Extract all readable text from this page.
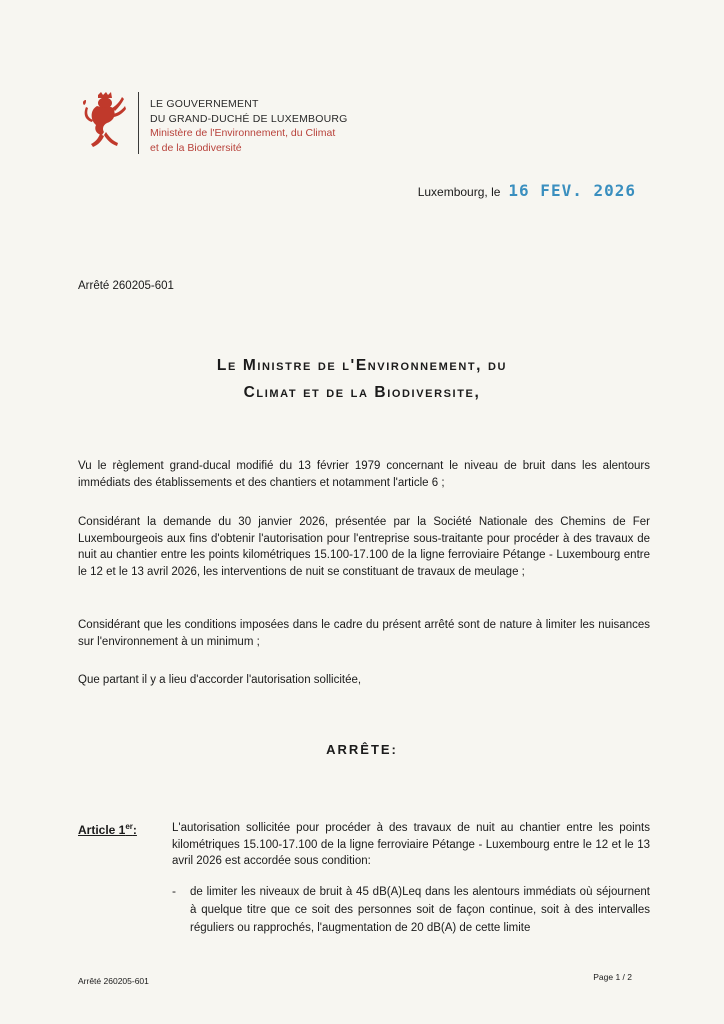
LE GOUVERNEMENT
DU GRAND-DUCHÉ DE LUXEMBOURG
Ministère de l'Environnement, du Climat
et de la Biodiversité
Luxembourg, le 16 FEV. 2026
Arrêté 260205-601
Le Ministre de l'Environnement, du
Climat et de la Biodiversite,
Vu le règlement grand-ducal modifié du 13 février 1979 concernant le niveau de bruit dans les alentours immédiats des établissements et des chantiers et notamment l'article 6 ;
Considérant la demande du 30 janvier 2026, présentée par la Société Nationale des Chemins de Fer Luxembourgeois aux fins d'obtenir l'autorisation pour l'entreprise sous-traitante pour procéder à des travaux de nuit au chantier entre les points kilométriques 15.100-17.100 de la ligne ferroviaire Pétange - Luxembourg entre le 12 et le 13 avril 2026, les interventions de nuit se constituant de travaux de meulage ;
Considérant que les conditions imposées dans le cadre du présent arrêté sont de nature à limiter les nuisances sur l'environnement à un minimum ;
Que partant il y a lieu d'accorder l'autorisation sollicitée,
ARRÊTE:
Article 1er:	L'autorisation sollicitée pour procéder à des travaux de nuit au chantier entre les points kilométriques 15.100-17.100 de la ligne ferroviaire Pétange - Luxembourg entre le 12 et le 13 avril 2026 est accordée sous condition:
- de limiter les niveaux de bruit à 45 dB(A)Leq dans les alentours immédiats où séjournent à quelque titre que ce soit des personnes soit de façon continue, soit à des intervalles réguliers ou rapprochés, l'augmentation de 20 dB(A) de cette limite
Arrêté 260205-601	Page 1 / 2
